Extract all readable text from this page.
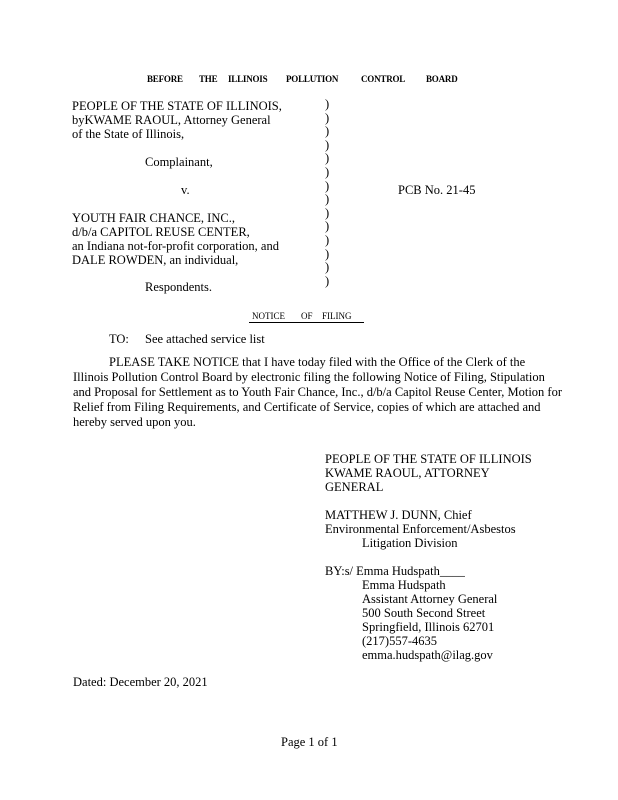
BEFORE THE ILLINOIS POLLUTION	CONTROL BOARD
PEOPLE OF THE STATE OF ILLINOIS,
byKWAME RAOUL, Attorney General
of the State of Illinois,
Complainant,
v.
YOUTH FAIR CHANCE, INC.,
d/b/a CAPITOL REUSE CENTER,
an Indiana not-for-profit corporation, and
DALE ROWDEN, an individual,
Respondents.
)
)
)
)
)
)
)
)
)
)
)
)
)
)
PCB No. 21-45
NOTICE OF FILING
TO: See attached service list
PLEASE TAKE NOTICE that I have today filed with the Office of the Clerk of the Illinois Pollution Control Board by electronic filing the following Notice of Filing, Stipulation and Proposal for Settlement as to Youth Fair Chance, Inc., d/b/a Capitol Reuse Center, Motion for Relief from Filing Requirements, and Certificate of Service, copies of which are attached and hereby served upon you.
PEOPLE OF THE STATE OF ILLINOIS
KWAME RAOUL, ATTORNEY
GENERAL
MATTHEW J. DUNN, Chief
Environmental Enforcement/Asbestos
Litigation Division
BY:s/ Emma Hudspath____
Emma Hudspath
Assistant Attorney General
500 South Second Street
Springfield, Illinois 62701
(217)557-4635
emma.hudspath@ilag.gov
Dated: December 20, 2021
Page 1 of 1
